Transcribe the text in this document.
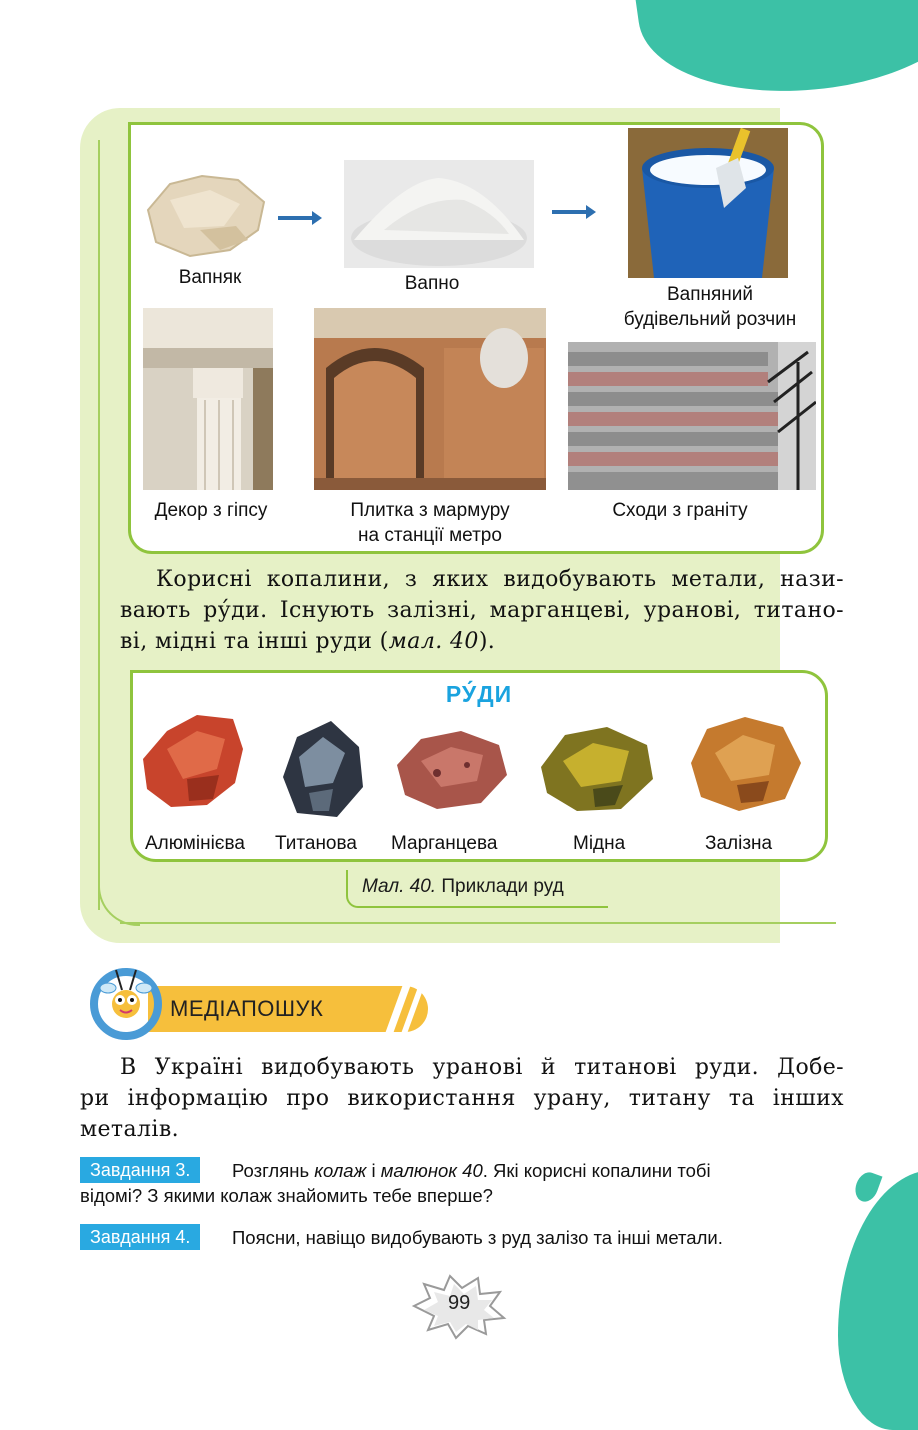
Вапняк	Вапно
Вапняний
будівельний розчин
Декор з гіпсу	Плитка з мармуру
на станції метро
Сходи з граніту
Корисні копалини, з яких видобувають метали, нази-
вають ру́ди. Існують залізні, марганцеві, уранові, титано-
ві, мідні та інші руди (мал. 40).
РУ́ДИ
Алюмінієва Титанова Марганцева	Мідна	Залізна
Мал. 40. Приклади руд
МЕДІАПОШУК
В Україні видобувають уранові й титанові руди. Добе-
ри інформацію про використання урану, титану та інших
металів.
Завдання 3.	Розглянь колаж і малюнок 40. Які корисні копалини тобі
відомі? З якими колаж знайомить тебе вперше?
Завдання 4.	Поясни, навіщо видобувають з руд залізо та інші метали.
99
